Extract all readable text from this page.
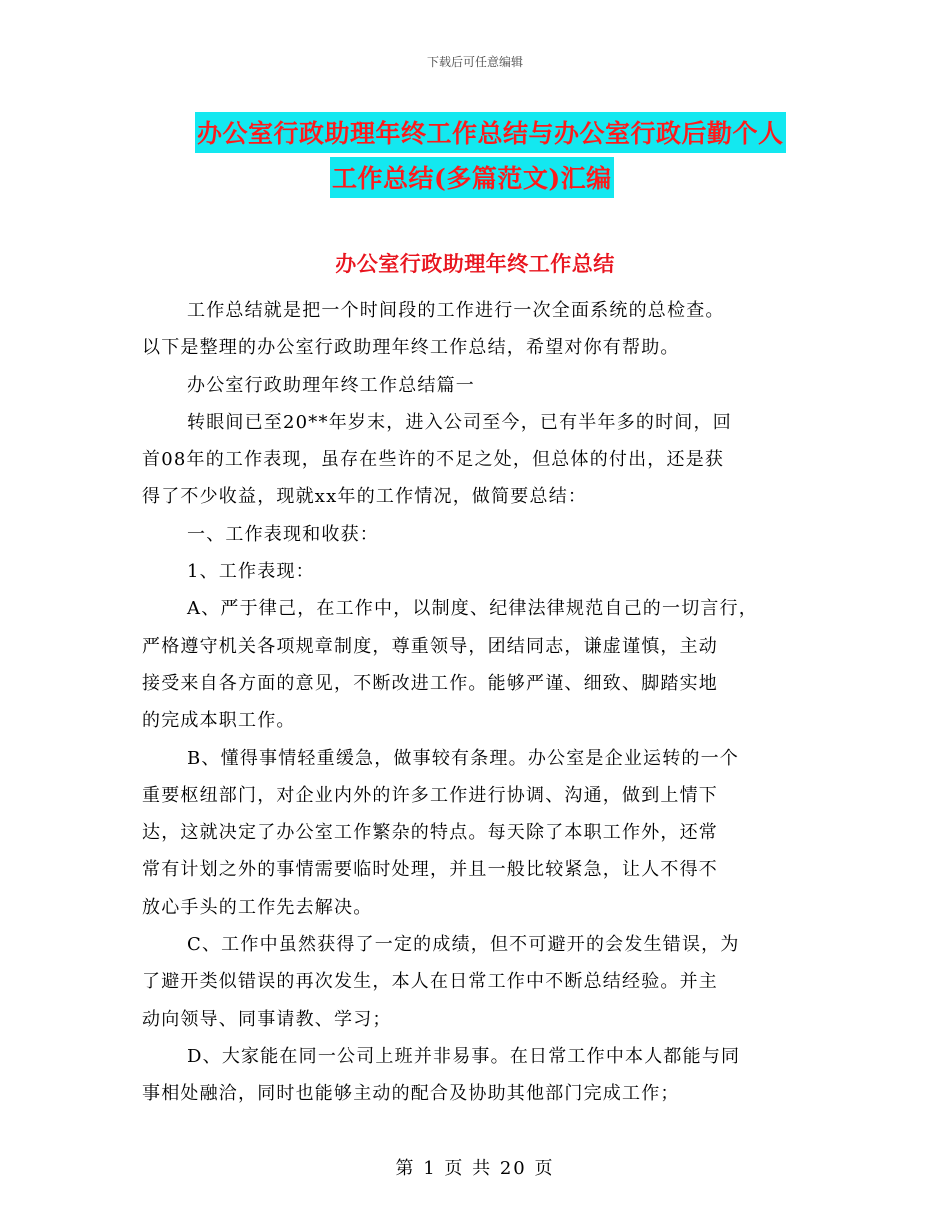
下载后可任意编辑
办公室行政助理年终工作总结与办公室行政后勤个人
工作总结(多篇范文)汇编
办公室行政助理年终工作总结

工作总结就是把一个时间段的工作进行一次全面系统的总检查。

以下是整理的办公室行政助理年终工作总结，希望对你有帮助。

办公室行政助理年终工作总结篇一

转眼间已至20**年岁末，进入公司至今，已有半年多的时间，回

首08年的工作表现，虽存在些许的不足之处，但总体的付出，还是获

得了不少收益，现就xx年的工作情况，做简要总结：

一、工作表现和收获：

1、工作表现：

A、严于律己，在工作中，以制度、纪律法律规范自己的一切言行，

严格遵守机关各项规章制度，尊重领导，团结同志，谦虚谨慎，主动

接受来自各方面的意见，不断改进工作。能够严谨、细致、脚踏实地

的完成本职工作。

B、懂得事情轻重缓急，做事较有条理。办公室是企业运转的一个

重要枢纽部门，对企业内外的许多工作进行协调、沟通，做到上情下

达，这就决定了办公室工作繁杂的特点。每天除了本职工作外，还常

常有计划之外的事情需要临时处理，并且一般比较紧急，让人不得不

放心手头的工作先去解决。

C、工作中虽然获得了一定的成绩，但不可避开的会发生错误，为

了避开类似错误的再次发生，本人在日常工作中不断总结经验。并主

动向领导、同事请教、学习；

D、大家能在同一公司上班并非易事。在日常工作中本人都能与同

事相处融洽，同时也能够主动的配合及协助其他部门完成工作；

第 1 页 共 20 页
